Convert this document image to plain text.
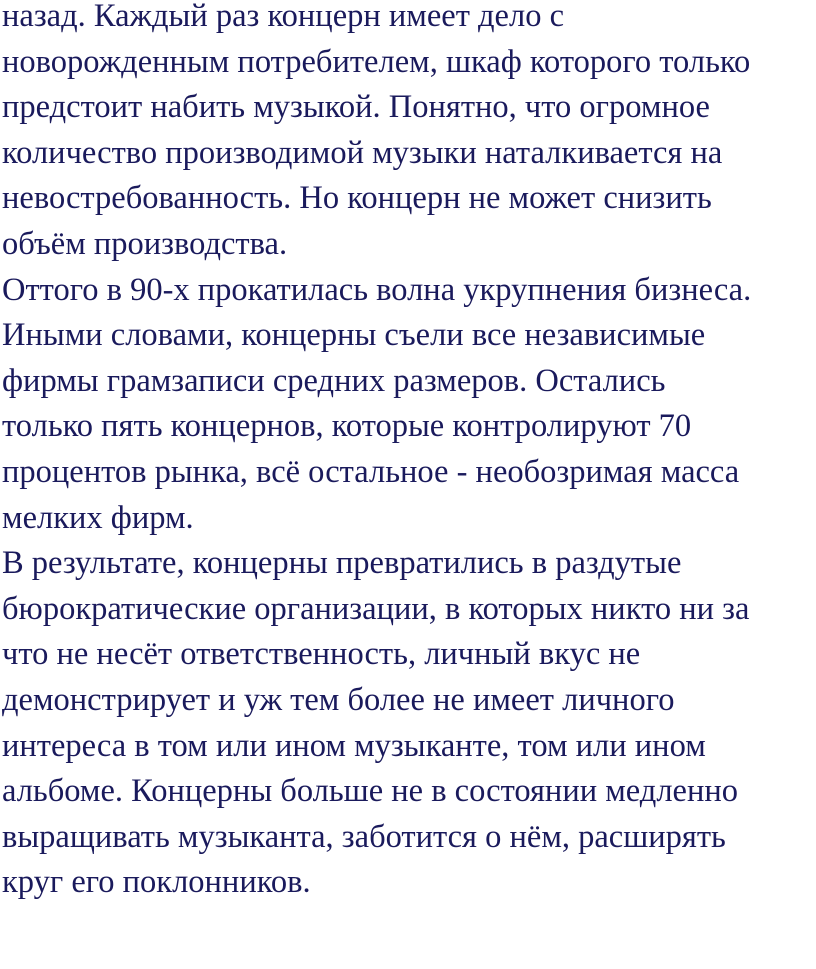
назад. Каждый раз концерн имеет дело с
новорожденным потребителем, шкаф которого только
предстоит набить музыкой. Понятно, что огромное
количество производимой музыки наталкивается на
невостребованность. Но концерн не может снизить
объём производства.
Оттого в 90-х прокатилась волна укрупнения бизнеса.
Иными словами, концерны съели все независимые
фирмы грамзаписи средних размеров. Остались
только пять концернов, которые контролируют 70
процентов рынка, всё остальное - необозримая масса
мелких фирм.
В результате, концерны превратились в раздутые
бюрократические организации, в которых никто ни за
что не несёт ответственность, личный вкус не
демонстрирует и уж тем более не имеет личного
интереса в том или ином музыканте, том или ином
альбоме. Концерны больше не в состоянии медленно
выращивать музыканта, заботится о нём, расширять
круг его поклонников.
